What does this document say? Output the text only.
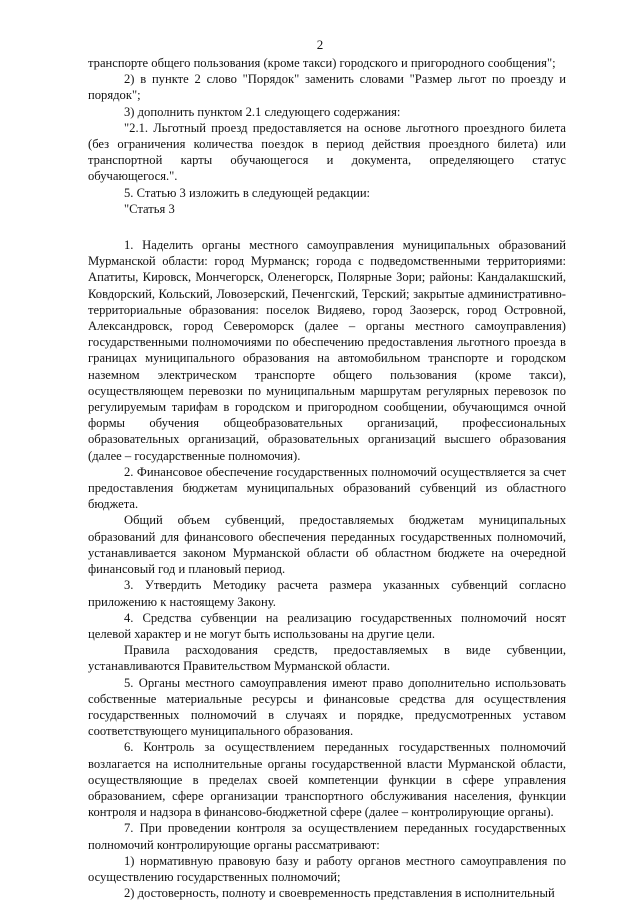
2

транспорте общего пользования (кроме такси) городского и пригородного сообщения";

2) в пункте 2 слово "Порядок" заменить словами "Размер льгот по проезду и порядок";

3) дополнить пунктом 2.1 следующего содержания:

"2.1. Льготный проезд предоставляется на основе льготного проездного билета (без ограничения количества поездок в период действия проездного билета) или транспортной карты обучающегося и документа, определяющего статус обучающегося.".

5. Статью 3 изложить в следующей редакции:

"Статья 3

1. Наделить органы местного самоуправления муниципальных образований Мурманской области: город Мурманск; города с подведомственными территориями: Апатиты, Кировск, Мончегорск, Оленегорск, Полярные Зори; районы: Кандалакшский, Ковдорский, Кольский, Ловозерский, Печенгский, Терский; закрытые административно-территориальные образования: поселок Видяево, город Заозерск, город Островной, Александровск, город Североморск (далее – органы местного самоуправления) государственными полномочиями по обеспечению предоставления льготного проезда в границах муниципального образования на автомобильном транспорте и городском наземном электрическом транспорте общего пользования (кроме такси), осуществляющем перевозки по муниципальным маршрутам регулярных перевозок по регулируемым тарифам в городском и пригородном сообщении, обучающимся очной формы обучения общеобразовательных организаций, профессиональных образовательных организаций, образовательных организаций высшего образования (далее – государственные полномочия).

2. Финансовое обеспечение государственных полномочий осуществляется за счет предоставления бюджетам муниципальных образований субвенций из областного бюджета.

Общий объем субвенций, предоставляемых бюджетам муниципальных образований для финансового обеспечения переданных государственных полномочий, устанавливается законом Мурманской области об областном бюджете на очередной финансовый год и плановый период.

3. Утвердить Методику расчета размера указанных субвенций согласно приложению к настоящему Закону.

4. Средства субвенции на реализацию государственных полномочий носят целевой характер и не могут быть использованы на другие цели.

Правила расходования средств, предоставляемых в виде субвенции, устанавливаются Правительством Мурманской области.

5. Органы местного самоуправления имеют право дополнительно использовать собственные материальные ресурсы и финансовые средства для осуществления государственных полномочий в случаях и порядке, предусмотренных уставом соответствующего муниципального образования.

6. Контроль за осуществлением переданных государственных полномочий возлагается на исполнительные органы государственной власти Мурманской области, осуществляющие в пределах своей компетенции функции в сфере управления образованием, сфере организации транспортного обслуживания населения, функции контроля и надзора в финансово-бюджетной сфере (далее – контролирующие органы).

7. При проведении контроля за осуществлением переданных государственных полномочий контролирующие органы рассматривают:

1) нормативную правовую базу и работу органов местного самоуправления по осуществлению государственных полномочий;

2) достоверность, полноту и своевременность представления в исполнительный
